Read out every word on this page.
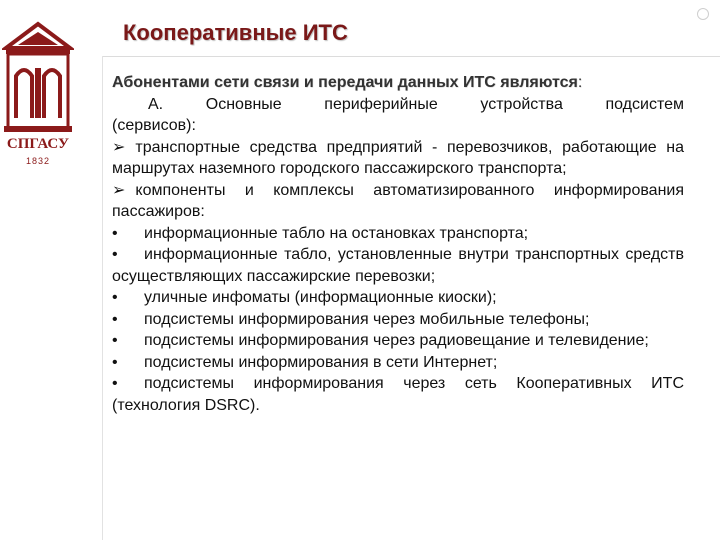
СПГАСУ
1832
Кооперативные ИТС

Абонентами сети связи и передачи данных ИТС являются:

А.	Основные периферийные устройства подсистем (сервисов):

➢ транспортные средства предприятий - перевозчиков, работающие на маршрутах наземного городского пассажирского транспорта;

➢ компоненты и комплексы автоматизированного информирования пассажиров:

• информационные табло на остановках транспорта;

• информационные табло, установленные внутри транспортных средств осуществляющих пассажирские перевозки;

• уличные инфоматы (информационные киоски);

• подсистемы информирования через мобильные телефоны;

• подсистемы информирования через радиовещание и телевидение;

• подсистемы информирования в сети Интернет;

• подсистемы информирования через сеть Кооперативных ИТС (технология DSRC).
